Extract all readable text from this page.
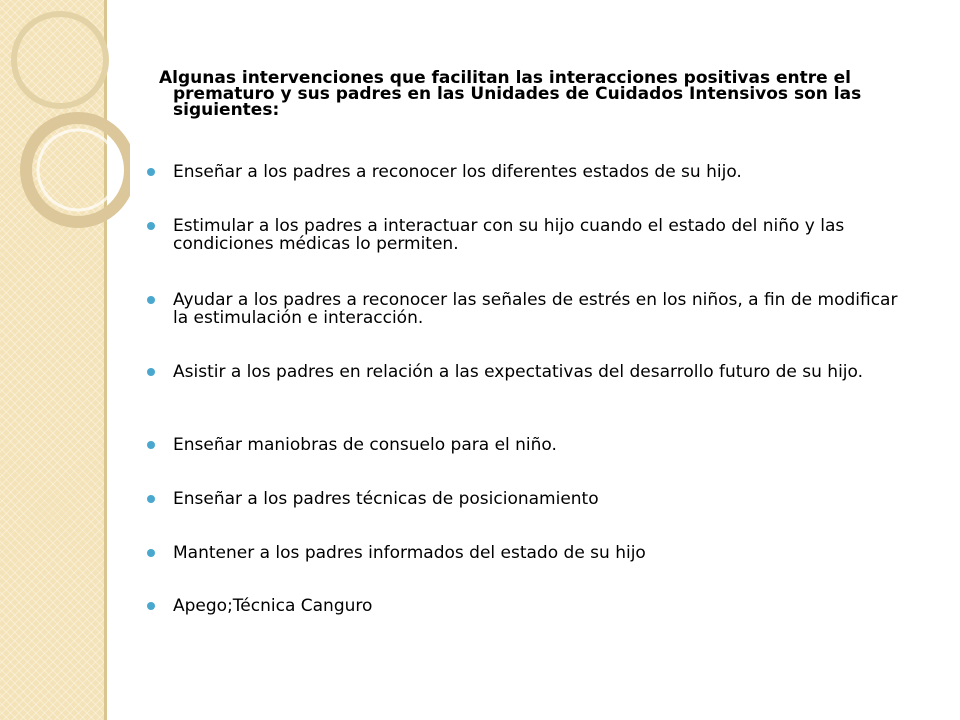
Algunas intervenciones que facilitan las interacciones positivas entre el prematuro y sus padres en las Unidades de Cuidados Intensivos son las siguientes:

Enseñar a los padres a reconocer los diferentes estados de su hijo.
Estimular a los padres a interactuar con su hijo cuando el estado del niño y las condiciones médicas lo permiten.
Ayudar a los padres a reconocer las señales de estrés en los niños, a fin de modificar la estimulación e interacción.
Asistir a los padres en relación a las expectativas del desarrollo futuro de su hijo.
Enseñar maniobras de consuelo para el niño.
Enseñar a los padres técnicas de posicionamiento
Mantener a los padres informados del estado de su hijo
Apego;Técnica Canguro
